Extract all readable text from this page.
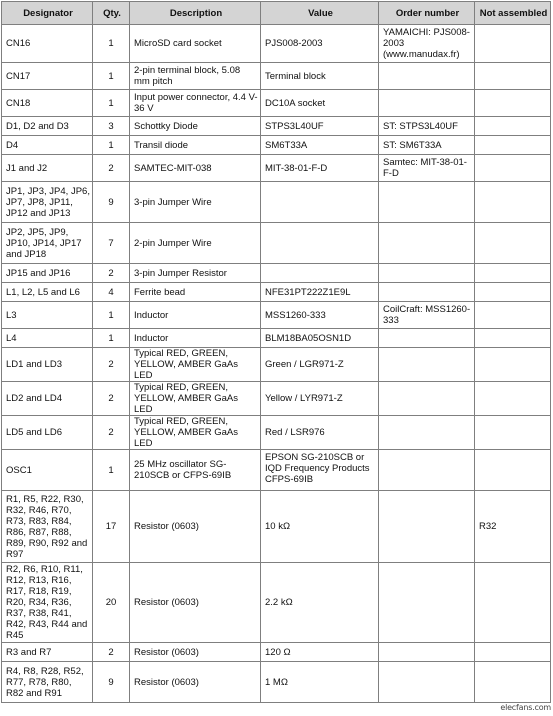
Designator	Qty.	Description	Value	Order number	Not assembled
CN16	1	MicroSD card socket	PJS008-2003	YAMAICHI: PJS008-2003 (www.manudax.fr)	
CN17	1	2-pin terminal block, 5.08 mm pitch	Terminal block		
CN18	1	Input power connector, 4.4 V-36 V	DC10A socket		
D1, D2 and D3	3	Schottky Diode	STPS3L40UF	ST: STPS3L40UF	
D4	1	Transil diode	SM6T33A	ST: SM6T33A	
J1 and J2	2	SAMTEC-MIT-038	MIT-38-01-F-D	Samtec: MIT-38-01-F-D	
JP1, JP3, JP4, JP6, JP7, JP8, JP11, JP12 and JP13	9	3-pin Jumper Wire			
JP2, JP5, JP9, JP10, JP14, JP17 and JP18	7	2-pin Jumper Wire			
JP15 and JP16	2	3-pin Jumper Resistor			
L1, L2, L5 and L6	4	Ferrite bead	NFE31PT222Z1E9L		
L3	1	Inductor	MSS1260-333	CoilCraft: MSS1260-333	
L4	1	Inductor	BLM18BA05OSN1D		
LD1 and LD3	2	Typical RED, GREEN, YELLOW, AMBER GaAs LED	Green / LGR971-Z		
LD2 and LD4	2	Typical RED, GREEN, YELLOW, AMBER GaAs LED	Yellow / LYR971-Z		
LD5 and LD6	2	Typical RED, GREEN, YELLOW, AMBER GaAs LED	Red / LSR976		
OSC1	1	25 MHz oscillator SG-210SCB or CFPS-69IB	EPSON SG-210SCB or IQD Frequency Products CFPS-69IB		
R1, R5, R22, R30, R32, R46, R70, R73, R83, R84, R86, R87, R88, R89, R90, R92 and R97	17	Resistor (0603)	10 kΩ		R32
R2, R6, R10, R11, R12, R13, R16, R17, R18, R19, R20, R34, R36, R37, R38, R41, R42, R43, R44 and R45	20	Resistor (0603)	2.2 kΩ		
R3 and R7	2	Resistor (0603)	120 Ω		
R4, R8, R28, R52, R77, R78, R80, R82 and R91	9	Resistor (0603)	1 MΩ		
elecfans.com
